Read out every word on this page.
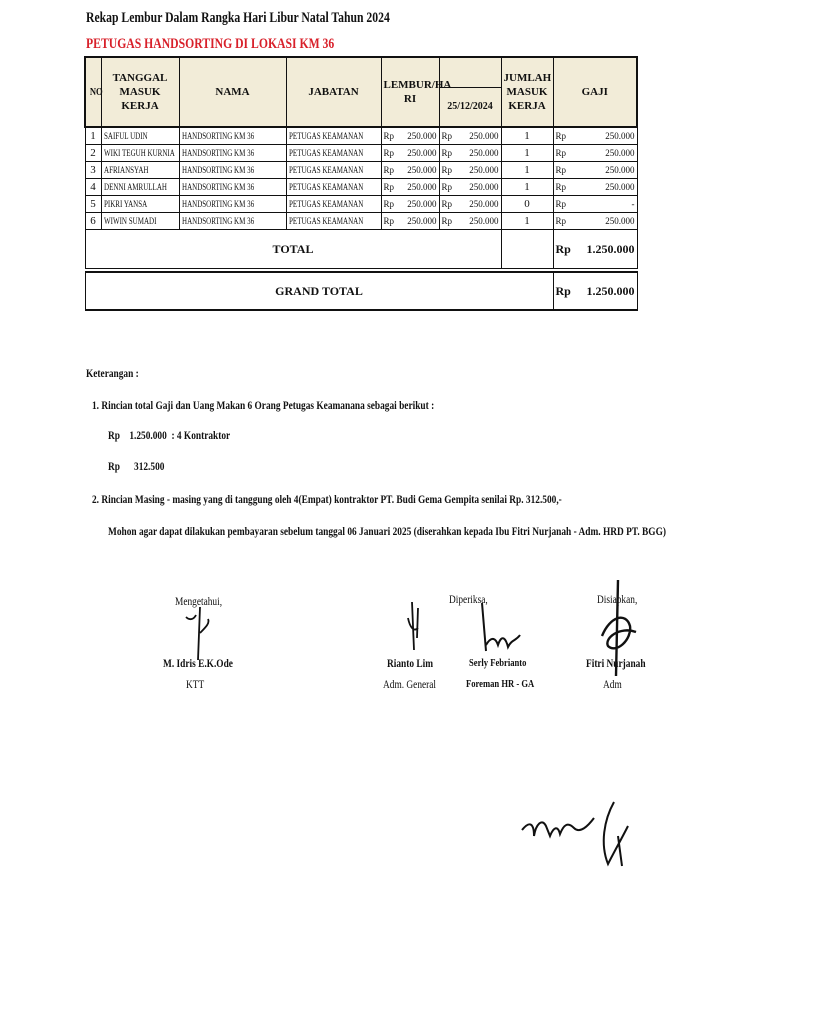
Rekap Lembur Dalam Rangka Hari Libur Natal Tahun 2024
PETUGAS HANDSORTING DI LOKASI KM 36
NO	TANGGAL MASUK KERJA	NAMA	JABATAN	LEMBUR/HA RI		JUMLAH MASUK KERJA	GAJI
					25/12/2024		
1	SAIFUL UDIN	HANDSORTING KM 36	PETUGAS KEAMANAN	Rp 250.000	Rp 250.000	1	Rp 250.000

2	WIKI TEGUH KURNIA	HANDSORTING KM 36	PETUGAS KEAMANAN	Rp 250.000	Rp 250.000	1	Rp 250.000

3	AFRIANSYAH	HANDSORTING KM 36	PETUGAS KEAMANAN	Rp 250.000	Rp 250.000	1	Rp 250.000

4	DENNI AMRULLAH	HANDSORTING KM 36	PETUGAS KEAMANAN	Rp 250.000	Rp 250.000	1	Rp 250.000

5	PIKRI YANSA	HANDSORTING KM 36	PETUGAS KEAMANAN	Rp 250.000	Rp 250.000	0	Rp -

6	WIWIN SUMADI	HANDSORTING KM 36	PETUGAS KEAMANAN	Rp 250.000	Rp 250.000	1	Rp 250.000

TOTAL							Rp 1.250.000

GRAND TOTAL							Rp 1.250.000
Keterangan :
1. Rincian total Gaji dan Uang Makan 6 Orang Petugas Keamanana sebagai berikut :
Rp 1.250.000 : 4 Kontraktor
Rp 312.500
2. Rincian Masing - masing yang di tanggung oleh 4(Empat) kontraktor PT. Budi Gema Gempita senilai Rp. 312.500,-
Mohon agar dapat dilakukan pembayaran sebelum tanggal 06 Januari 2025 (diserahkan kepada Ibu Fitri Nurjanah - Adm. HRD PT. BGG)
Mengetahui,
M. Idris E.K.Ode
KTT
Rianto Lim
Adm. General
Diperiksa,
Serly Febrianto
Foreman HR - GA
Disiapkan,
Fitri Nurjanah
Adm
